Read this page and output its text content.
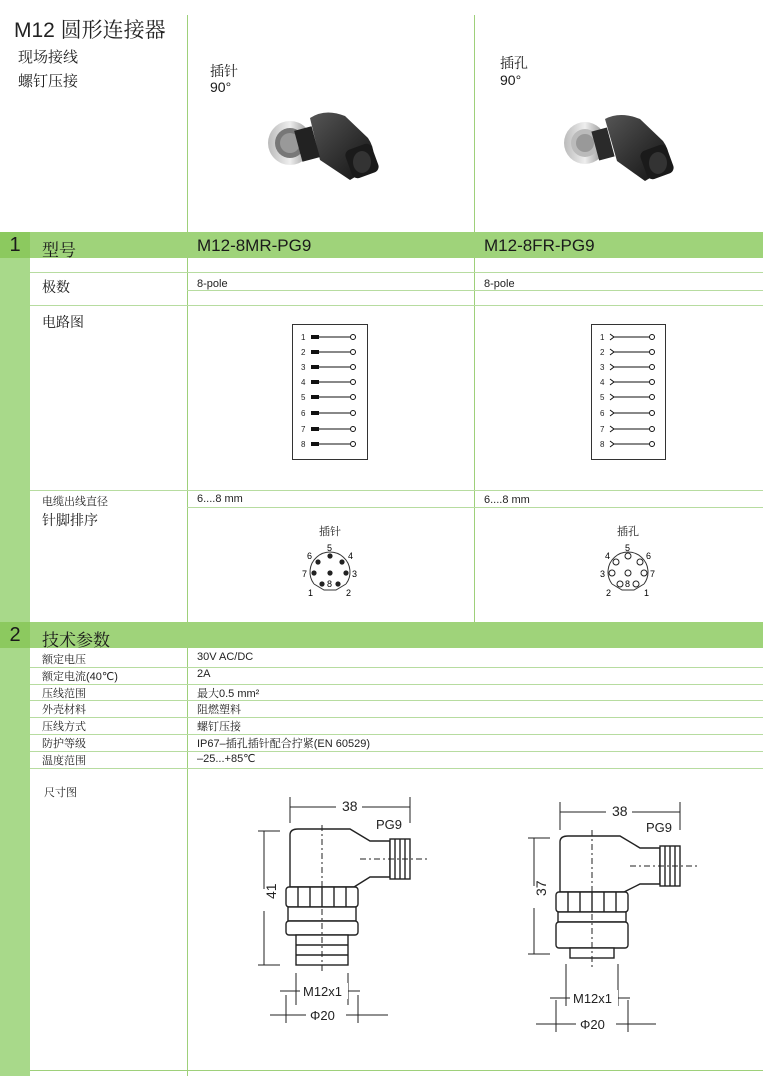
M12 圆形连接器
现场接线
螺钉压接
插针
90°
插孔
90°
1	型号	M12-8MR-PG9	M12-8FR-PG9
极数	8-pole	8-pole
电路图
1
2
3
4
5
6
7
8
1
2
3
4
5
6
7
8
电缆出线直径	6....8 mm	6....8 mm
针脚排序
插针	插孔
5
6	4
7	3
8
1	2
5
4	6
3	7
8
2	1
2	技术参数
额定电压	30V AC/DC
额定电流(40℃)	2A
压线范围	最大0.5 mm²
外壳材料	阻燃塑料
压线方式	螺钉压接
防护等级	IP67–插孔插针配合拧紧(EN 60529)
温度范围	–25...+85℃
尺寸图
38
PG9
41
M12x1
Φ20
38
PG9
37
M12x1
Φ20
